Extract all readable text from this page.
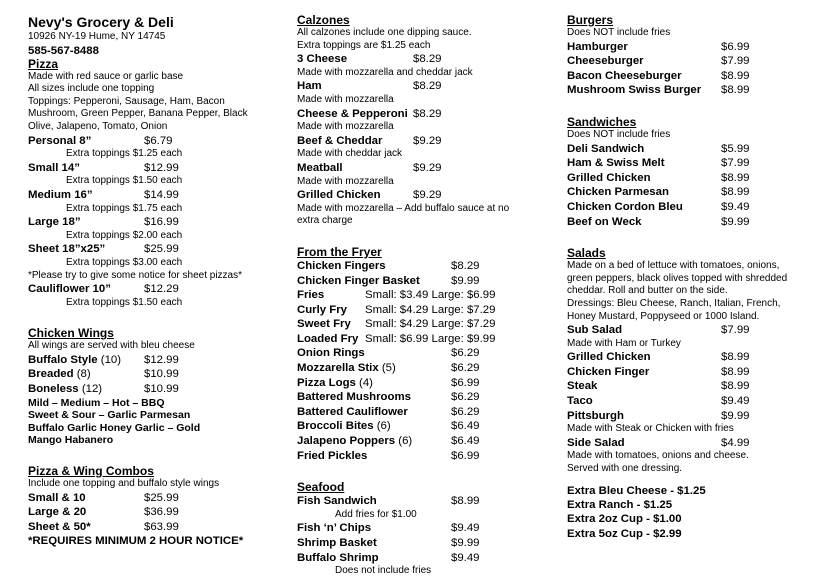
Nevy's Grocery & Deli
10926 NY-19 Hume, NY 14745
585-567-8488
Pizza
Made with red sauce or garlic base
All sizes include one topping
Toppings: Pepperoni, Sausage, Ham, Bacon Mushroom, Green Pepper, Banana Pepper, Black Olive, Jalapeno, Tomato, Onion
Personal 8”	$6.79
Extra toppings $1.25 each
Small 14”	$12.99
Extra toppings $1.50 each
Medium 16”	$14.99
Extra toppings $1.75 each
Large 18”	$16.99
Extra toppings $2.00 each
Sheet 18”x25”	$25.99
Extra toppings $3.00 each
*Please try to give some notice for sheet pizzas*
Cauliflower 10”	$12.29
Extra toppings $1.50 each
Chicken Wings
All wings are served with bleu cheese
Buffalo Style (10)	$12.99
Breaded (8)	$10.99
Boneless (12)	$10.99
Mild – Medium – Hot – BBQ
Sweet & Sour – Garlic Parmesan
Buffalo Garlic Honey Garlic – Gold
Mango Habanero
Pizza & Wing Combos
Include one topping and buffalo style wings
Small & 10	$25.99
Large & 20	$36.99
Sheet & 50*	$63.99
*REQUIRES MINIMUM 2 HOUR NOTICE*
Calzones
All calzones include one dipping sauce.
Extra toppings are $1.25 each
3 Cheese	$8.29
Made with mozzarella and cheddar jack
Ham	$8.29
Made with mozzarella
Cheese & Pepperoni $8.29
Made with mozzarella
Beef & Cheddar	$9.29
Made with cheddar jack
Meatball	$9.29
Made with mozzarella
Grilled Chicken	$9.29
Made with mozzarella – Add buffalo sauce at no extra charge
From the Fryer
Chicken Fingers	$8.29
Chicken Finger Basket	$9.99
Fries	Small: $3.49 Large: $6.99
Curly Fry	Small: $4.29 Large: $7.29
Sweet Fry	Small: $4.29 Large: $7.29
Loaded Fry Small: $6.99 Large: $9.99
Onion Rings	$6.29
Mozzarella Stix (5)	$6.29
Pizza Logs (4)	$6.99
Battered Mushrooms	$6.29
Battered Cauliflower	$6.29
Broccoli Bites (6)	$6.49
Jalapeno Poppers (6)	$6.49
Fried Pickles	$6.99
Seafood
Fish Sandwich	$8.99
Add fries for $1.00
Fish ‘n’ Chips	$9.49
Shrimp Basket	$9.99
Buffalo Shrimp	$9.49
Does not include fries
Burgers
Does NOT include fries
Hamburger	$6.99
Cheeseburger	$7.99
Bacon Cheeseburger	$8.99
Mushroom Swiss Burger	$8.99
Sandwiches
Does NOT include fries
Deli Sandwich	$5.99
Ham & Swiss Melt	$7.99
Grilled Chicken	$8.99
Chicken Parmesan	$8.99
Chicken Cordon Bleu	$9.49
Beef on Weck	$9.99
Salads
Made on a bed of lettuce with tomatoes, onions, green peppers, black olives topped with shredded cheddar. Roll and butter on the side.
Dressings: Bleu Cheese, Ranch, Italian, French, Honey Mustard, Poppyseed or 1000 Island.
Sub Salad	$7.99
Made with Ham or Turkey
Grilled Chicken	$8.99
Chicken Finger	$8.99
Steak	$8.99
Taco	$9.49
Pittsburgh	$9.99
Made with Steak or Chicken with fries
Side Salad	$4.99
Made with tomatoes, onions and cheese.
Served with one dressing.
Extra Bleu Cheese - $1.25
Extra Ranch - $1.25
Extra 2oz Cup - $1.00
Extra 5oz Cup - $2.99
